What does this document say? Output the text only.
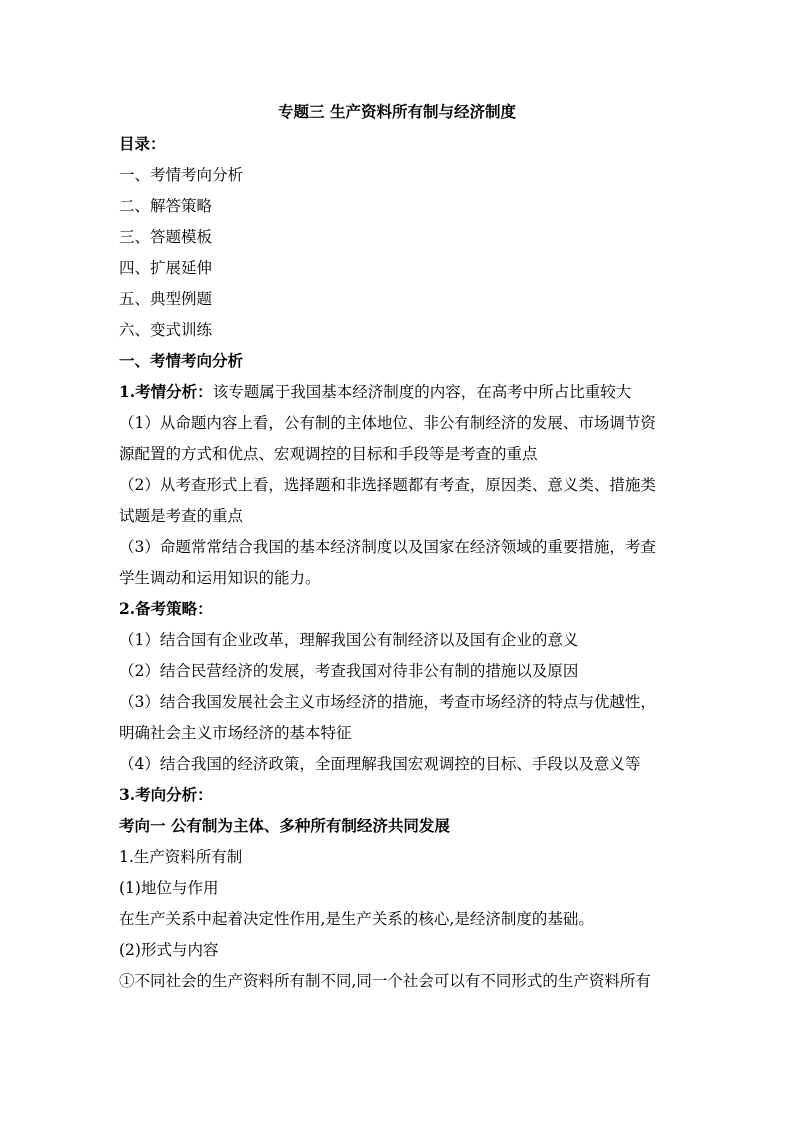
专题三 生产资料所有制与经济制度
目录：
一、考情考向分析
二、解答策略
三、答题模板
四、扩展延伸
五、典型例题
六、变式训练
一、考情考向分析
1.考情分析：该专题属于我国基本经济制度的内容，在高考中所占比重较大
（1）从命题内容上看，公有制的主体地位、非公有制经济的发展、市场调节资
源配置的方式和优点、宏观调控的目标和手段等是考查的重点
（2）从考查形式上看，选择题和非选择题都有考查，原因类、意义类、措施类
试题是考查的重点
（3）命题常常结合我国的基本经济制度以及国家在经济领域的重要措施，考查
学生调动和运用知识的能力。
2.备考策略：
（1）结合国有企业改革，理解我国公有制经济以及国有企业的意义
（2）结合民营经济的发展，考查我国对待非公有制的措施以及原因
（3）结合我国发展社会主义市场经济的措施，考查市场经济的特点与优越性，
明确社会主义市场经济的基本特征
（4）结合我国的经济政策，全面理解我国宏观调控的目标、手段以及意义等
3.考向分析：
考向一 公有制为主体、多种所有制经济共同发展
1.生产资料所有制
(1)地位与作用
在生产关系中起着决定性作用,是生产关系的核心,是经济制度的基础。
(2)形式与内容
①不同社会的生产资料所有制不同,同一个社会可以有不同形式的生产资料所有
